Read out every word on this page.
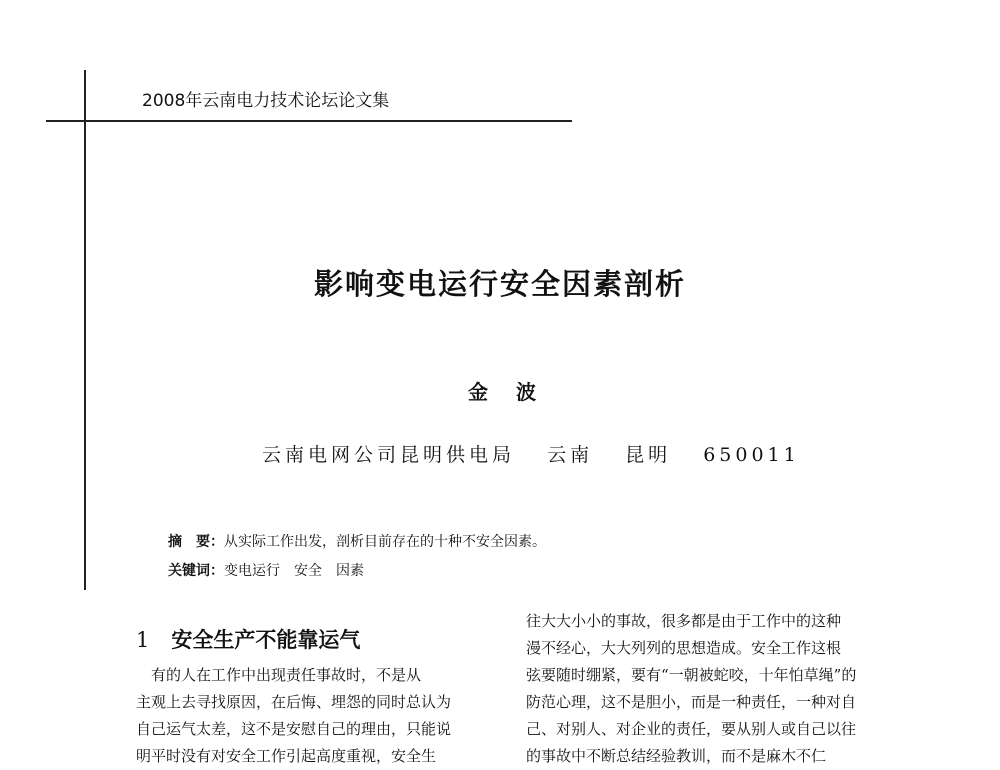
2008年云南电力技术论坛论文集
影响变电运行安全因素剖析
金波
云南电网公司昆明供电局 云南 昆明 650011
摘　要：从实际工作出发，剖析目前存在的十种不安全因素。
关键词：变电运行　安全　因素
1 安全生产不能靠运气
　有的人在工作中出现责任事故时，不是从
主观上去寻找原因，在后悔、埋怨的同时总认为
自己运气太差，这不是安慰自己的理由，只能说
明平时没有对安全工作引起高度重视，安全生
往大大小小的事故，很多都是由于工作中的这种
漫不经心，大大列列的思想造成。安全工作这根
弦要随时绷紧，要有“一朝被蛇咬，十年怕草绳”的
防范心理，这不是胆小，而是一种责任，一种对自
己、对别人、对企业的责任，要从别人或自己以往
的事故中不断总结经验教训，而不是麻木不仁
